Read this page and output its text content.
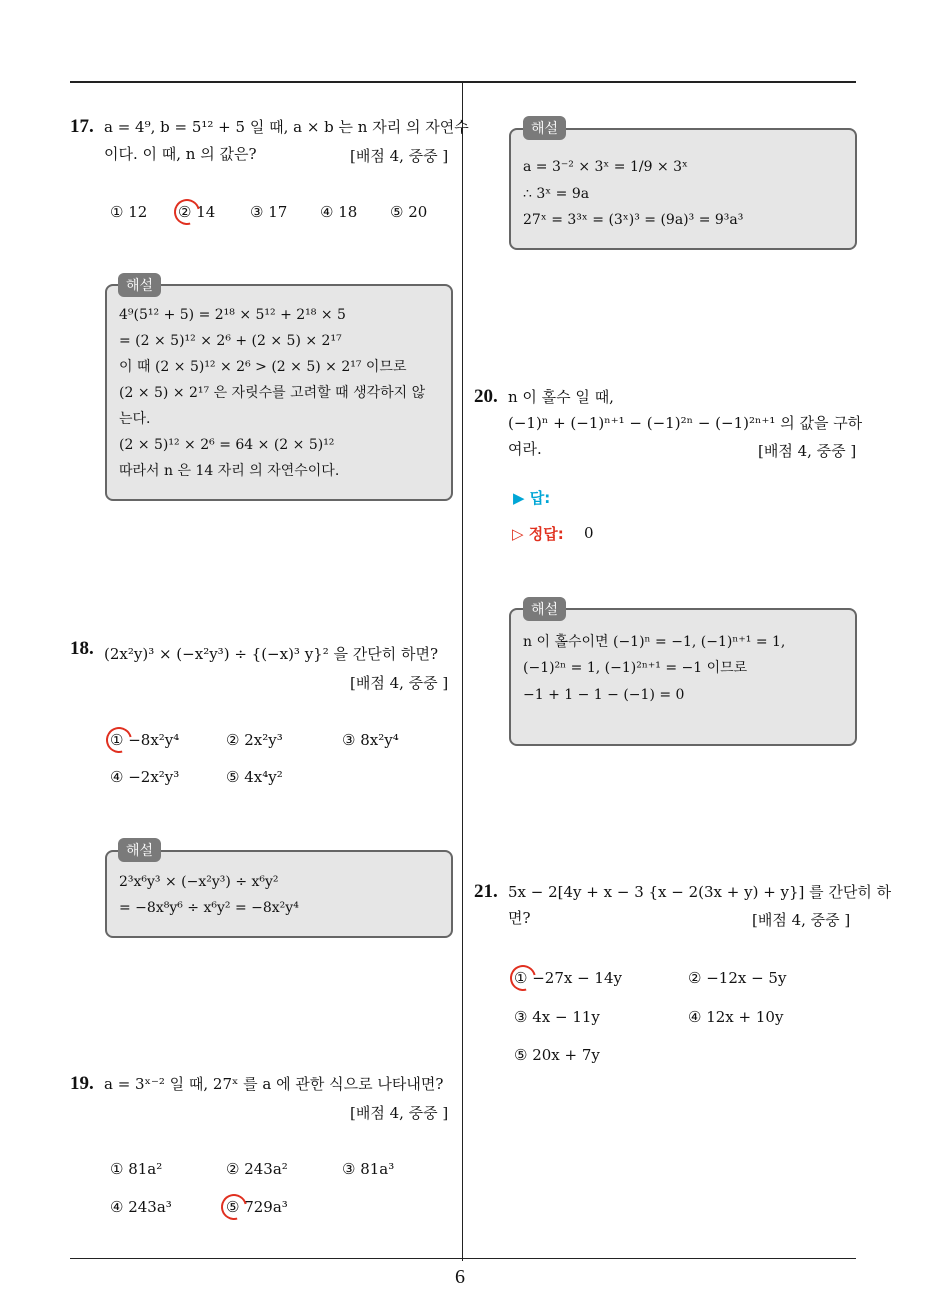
6
17. a = 4⁹, b = 5¹² + 5 일 때, a × b 는 n 자리 의 자연수
이다. 이 때, n 의 값은?	[배점 4, 중중 ]
① 12 ② 14 ③ 17 ④ 18 ⑤ 20
4⁹(5¹² + 5) = 2¹⁸ × 5¹² + 2¹⁸ × 5
= (2 × 5)¹² × 2⁶ + (2 × 5) × 2¹⁷
이 때 (2 × 5)¹² × 2⁶ > (2 × 5) × 2¹⁷ 이므로
(2 × 5) × 2¹⁷ 은 자릿수를 고려할 때 생각하지 않
는다.
(2 × 5)¹² × 2⁶ = 64 × (2 × 5)¹²
따라서 n 은 14 자리 의 자연수이다.
해설
18. (2x²y)³ × (−x²y³) ÷ {(−x)³ y}² 을 간단히 하면?
[배점 4, 중중 ]
① −8x²y⁴	② 2x²y³	③ 8x²y⁴
④ −2x²y³	⑤ 4x⁴y²
2³x⁶y³ × (−x²y³) ÷ x⁶y²
= −8x⁸y⁶ ÷ x⁶y² = −8x²y⁴
해설
19. a = 3ˣ⁻² 일 때, 27ˣ 를 a 에 관한 식으로 나타내면?
[배점 4, 중중 ]
① 81a²	② 243a²	③ 81a³
④ 243a³	⑤ 729a³
a = 3⁻² × 3ˣ = 1/9 × 3ˣ
∴ 3ˣ = 9a
27ˣ = 3³ˣ = (3ˣ)³ = (9a)³ = 9³a³
해설
20. n 이 홀수 일 때,
(−1)ⁿ + (−1)ⁿ⁺¹ − (−1)²ⁿ − (−1)²ⁿ⁺¹ 의 값을 구하
여라.	[배점 4, 중중 ]
▶ 답:
▷ 정답: 0
n 이 홀수이면 (−1)ⁿ = −1, (−1)ⁿ⁺¹ = 1,
(−1)²ⁿ = 1, (−1)²ⁿ⁺¹ = −1 이므로
−1 + 1 − 1 − (−1) = 0
해설
21. 5x − 2[4y + x − 3 {x − 2(3x + y) + y}] 를 간단히 하
면?	[배점 4, 중중 ]
① −27x − 14y	② −12x − 5y
③ 4x − 11y	④ 12x + 10y
⑤ 20x + 7y
